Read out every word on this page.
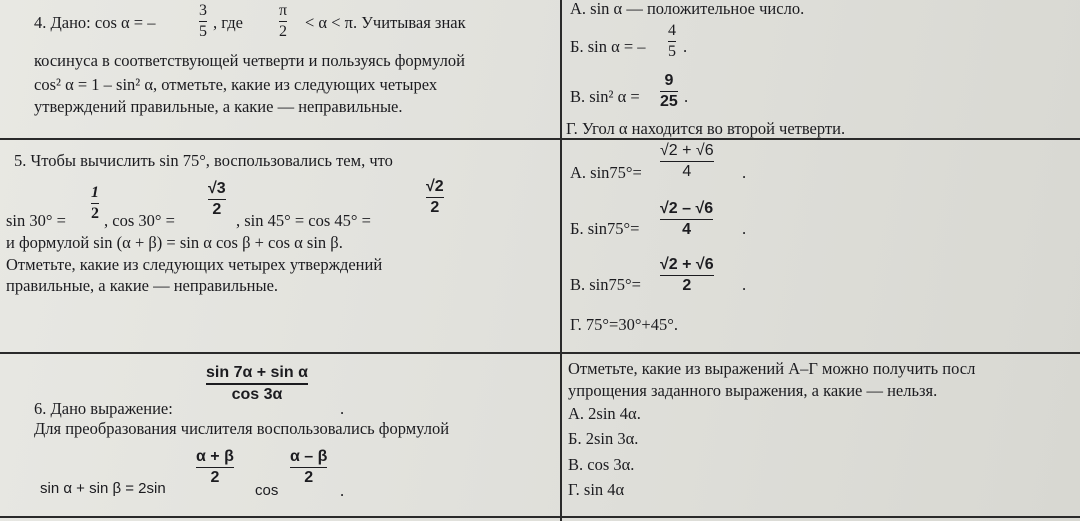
4. Дано: cos α = –
3
5 , где
π
2 < α < π. Учитывая знак
косинуса в соответствующей четверти и пользуясь формулой
cos² α = 1 – sin² α, отметьте, какие из следующих четырех
утверждений правильные, а какие — неправильные.
А. sin α — положительное число.
Б. sin α = –
4
5 .
В. sin² α =
9
25 .
Г. Угол α находится во второй четверти.
5. Чтобы вычислить sin 75°, воспользовались тем, что
1
2
√3
2
√2
2
sin 30° = , cos 30° =	, sin 45° = cos 45° =
и формулой sin (α + β) = sin α cos β + cos α sin β.
Отметьте, какие из следующих четырех утверждений
правильные, а какие — неправильные.
А. sin75°=
√2 + √6
4	.
Б. sin75°=
√2 – √6
4	.
В. sin75°=
√2 + √6
2	.
Г. 75°=30°+45°.
sin 7α + sin α
cos 3α
6. Дано выражение:	.
Для преобразования числителя воспользовались формулой
sin α + sin β = 2sin
α + β
2
cos
α – β
2
.
Отметьте, какие из выражений А–Г можно получить посл
упрощения заданного выражения, а какие — нельзя.
А. 2sin 4α.
Б. 2sin 3α.
В. cos 3α.
Г. sin 4α
